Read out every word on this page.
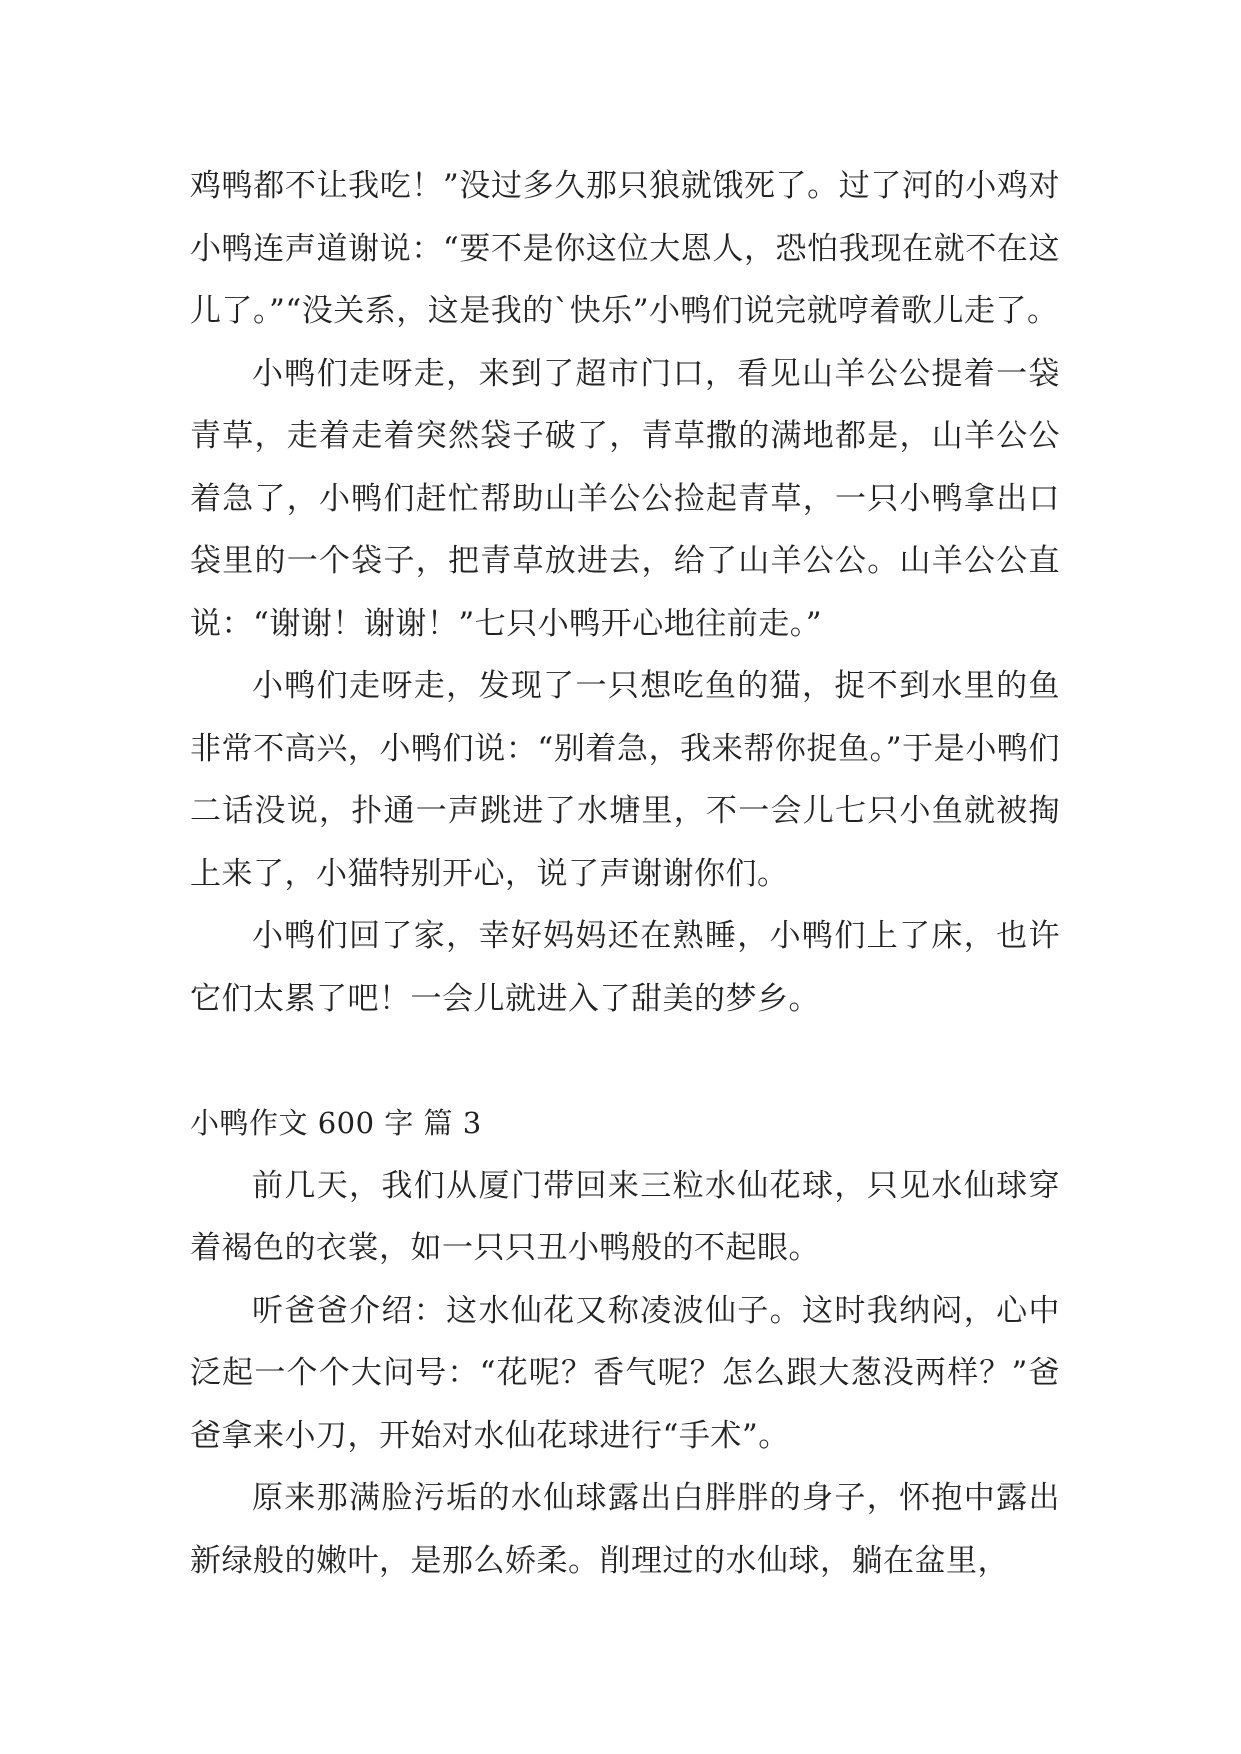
鸡鸭都不让我吃！”没过多久那只狼就饿死了。过了河的小鸡对小鸭连声道谢说：“要不是你这位大恩人，恐怕我现在就不在这儿了。”“没关系，这是我的`快乐”小鸭们说完就哼着歌儿走了。

小鸭们走呀走，来到了超市门口，看见山羊公公提着一袋青草，走着走着突然袋子破了，青草撒的满地都是，山羊公公着急了，小鸭们赶忙帮助山羊公公捡起青草，一只小鸭拿出口袋里的一个袋子，把青草放进去，给了山羊公公。山羊公公直说：“谢谢！谢谢！”七只小鸭开心地往前走。”

小鸭们走呀走，发现了一只想吃鱼的猫，捉不到水里的鱼非常不高兴，小鸭们说：“别着急，我来帮你捉鱼。”于是小鸭们二话没说，扑通一声跳进了水塘里，不一会儿七只小鱼就被掏上来了，小猫特别开心，说了声谢谢你们。

小鸭们回了家，幸好妈妈还在熟睡，小鸭们上了床，也许它们太累了吧！一会儿就进入了甜美的梦乡。

小鸭作文 600 字 篇 3

前几天，我们从厦门带回来三粒水仙花球，只见水仙球穿着褐色的衣裳，如一只只丑小鸭般的不起眼。

听爸爸介绍：这水仙花又称凌波仙子。这时我纳闷，心中泛起一个个大问号：“花呢？香气呢？怎么跟大葱没两样？”爸爸拿来小刀，开始对水仙花球进行“手术”。

原来那满脸污垢的水仙球露出白胖胖的身子，怀抱中露出新绿般的嫩叶，是那么娇柔。削理过的水仙球，躺在盆里，
